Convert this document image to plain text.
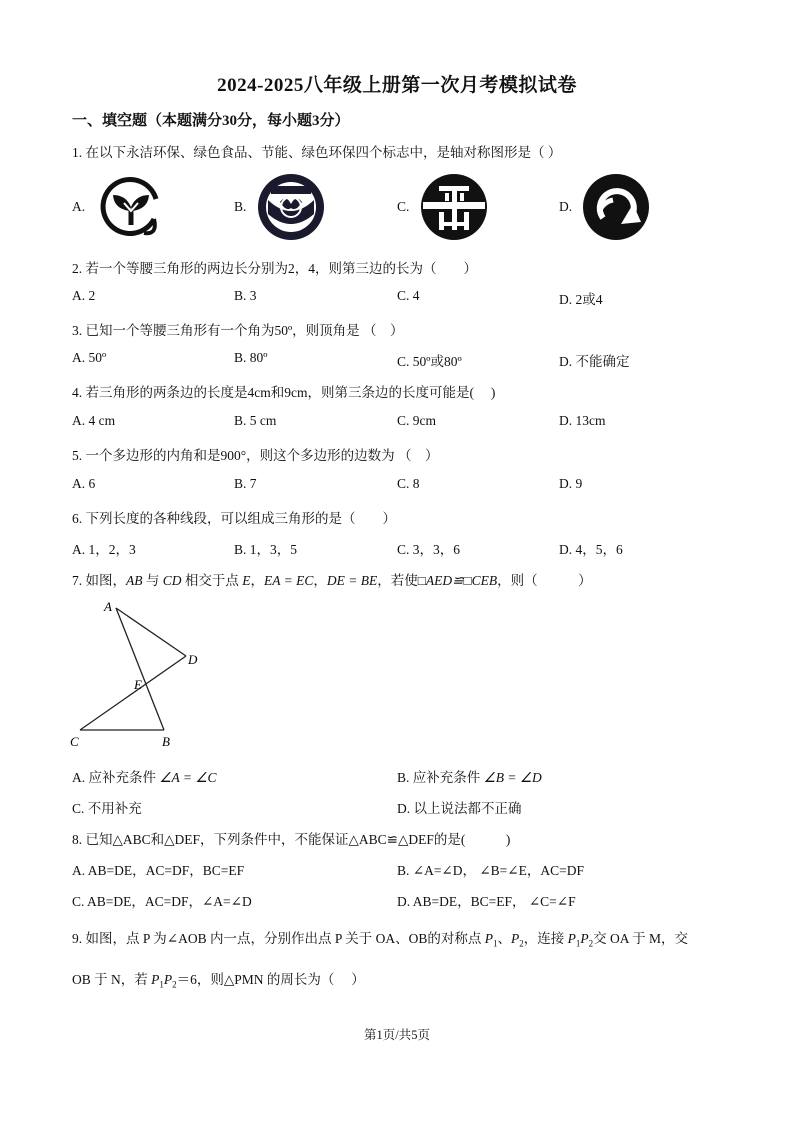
2024-2025八年级上册第一次月考模拟试卷
一、填空题（本题满分30分，每小题3分）
1. 在以下永洁环保、绿色食品、节能、绿色环保四个标志中，是轴对称图形是（ ）
A.	B.	C.	D.
2. 若一个等腰三角形的两边长分别为2，4，则第三边的长为（　　）
A. 2	B. 3	C. 4	D. 2或4
3. 已知一个等腰三角形有一个角为50º，则顶角是 （　）
A. 50º	B. 80º	C. 50º或80º	D. 不能确定
4. 若三角形的两条边的长度是4cm和9cm，则第三条边的长度可能是(　 )
A. 4 cm	B. 5 cm	C. 9cm	D. 13cm
5. 一个多边形的内角和是900°，则这个多边形的边数为 （　）
A. 6	B. 7	C. 8	D. 9
6. 下列长度的各种线段，可以组成三角形的是（　　）
A. 1，2，3	B. 1，3，5	C. 3，3，6	D. 4，5，6
7. 如图，AB 与 CD 相交于点 E，EA = EC，DE = BE，若使□AED≌□CEB，则（　　　）
A
D
E
C	B
A. 应补充条件 ∠A = ∠C	B. 应补充条件 ∠B = ∠D
C. 不用补充	D. 以上说法都不正确
8. 已知△ABC和△DEF，下列条件中，不能保证△ABC≌△DEF的是(　　　)
A. AB=DE，AC=DF，BC=EF	B. ∠A=∠D， ∠B=∠E，AC=DF
C. AB=DE，AC=DF，∠A=∠D	D. AB=DE，BC=EF， ∠C=∠F
9. 如图，点 P 为∠AOB 内一点，分别作出点 P 关于 OA、OB的对称点 $P_1$、$P_2$，连接 $P_1P_2$交 OA 于 M，交
OB 于 N，若 $P_1P_2=6$，则△PMN 的周长为（　 ）
第1页/共5页
